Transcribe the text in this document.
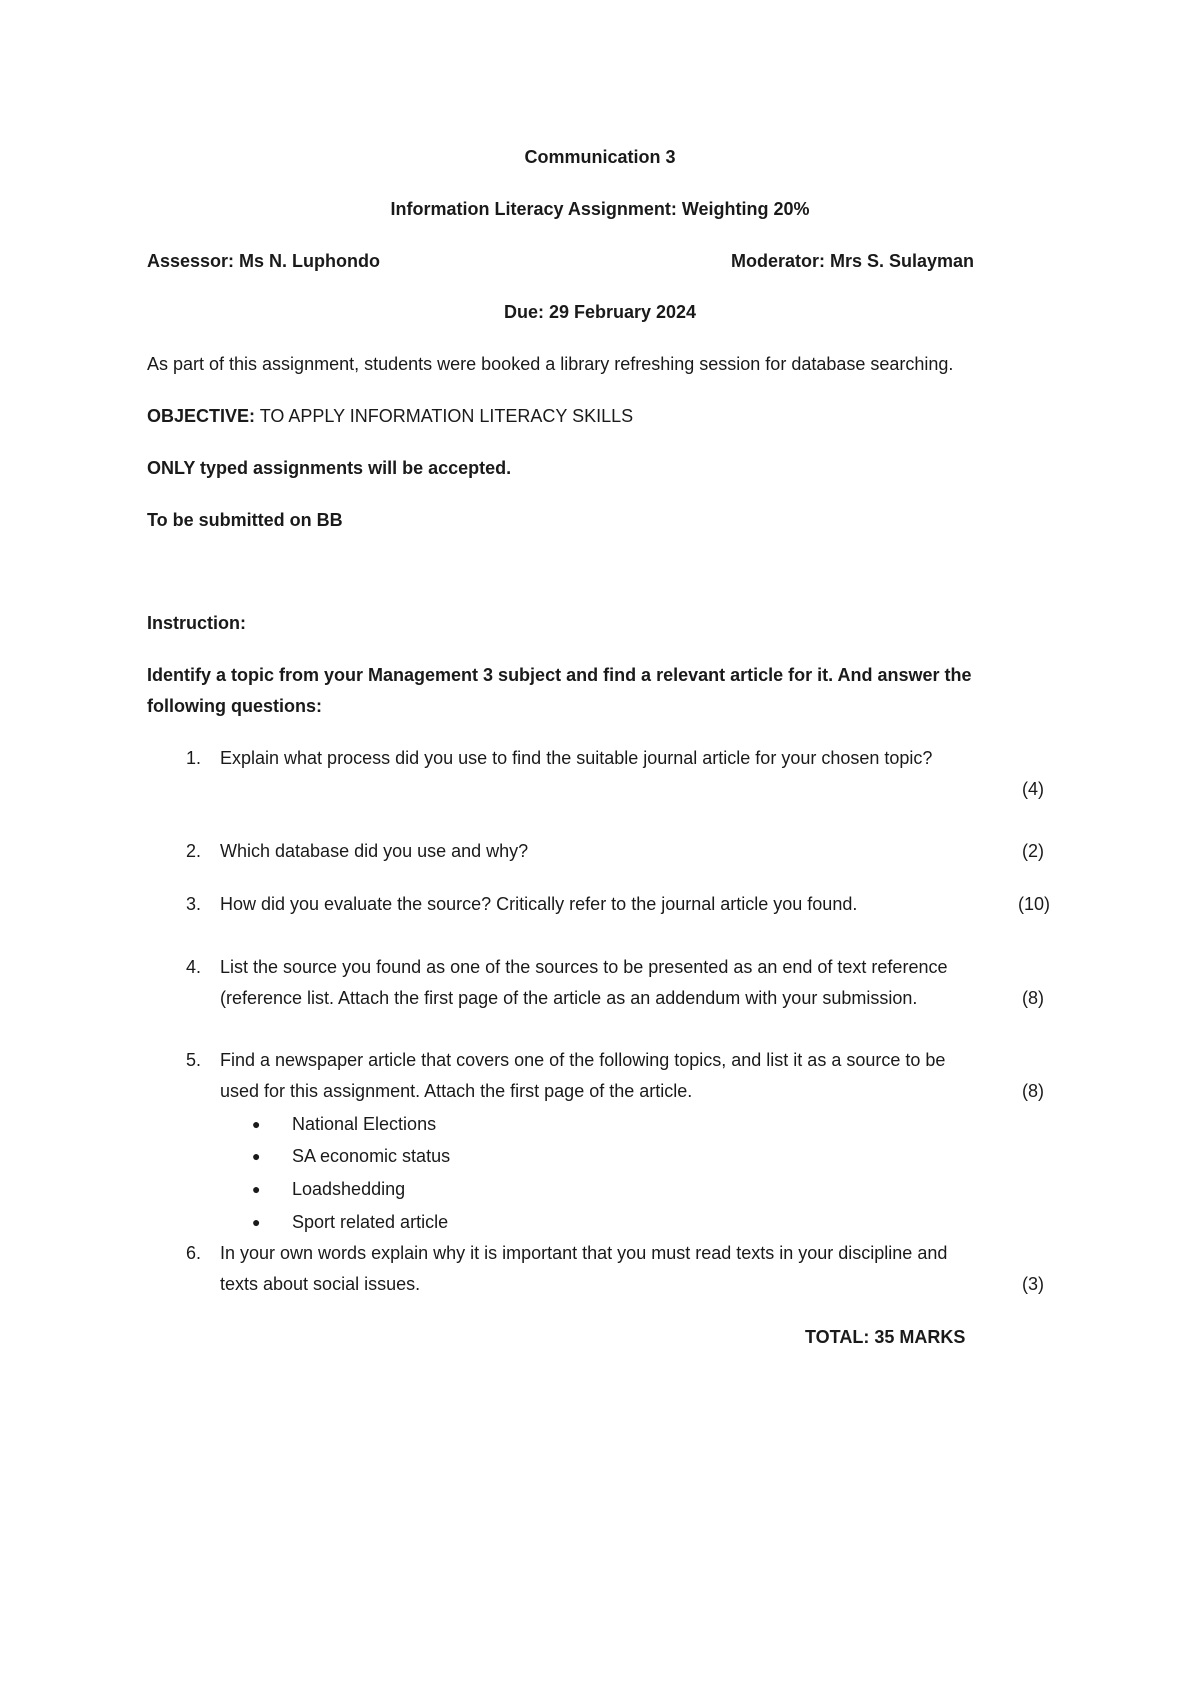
Communication 3
Information Literacy Assignment: Weighting 20%
Assessor: Ms N. Luphondo	Moderator: Mrs S. Sulayman
Due: 29 February 2024
As part of this assignment, students were booked a library refreshing session for database searching.
OBJECTIVE: TO APPLY INFORMATION LITERACY SKILLS
ONLY typed assignments will be accepted.
To be submitted on BB
Instruction:
Identify a topic from your Management 3 subject and find a relevant article for it. And answer the
following questions:
1. Explain what process did you use to find the suitable journal article for your chosen topic?
(4)
2. Which database did you use and why?	(2)
3. How did you evaluate the source? Critically refer to the journal article you found.	(10)
4. List the source you found as one of the sources to be presented as an end of text reference
(reference list. Attach the first page of the article as an addendum with your submission.	(8)
5. Find a newspaper article that covers one of the following topics, and list it as a source to be
used for this assignment. Attach the first page of the article.	(8)
● National Elections
● SA economic status
● Loadshedding
● Sport related article
6. In your own words explain why it is important that you must read texts in your discipline and
texts about social issues.	(3)
TOTAL: 35 MARKS
